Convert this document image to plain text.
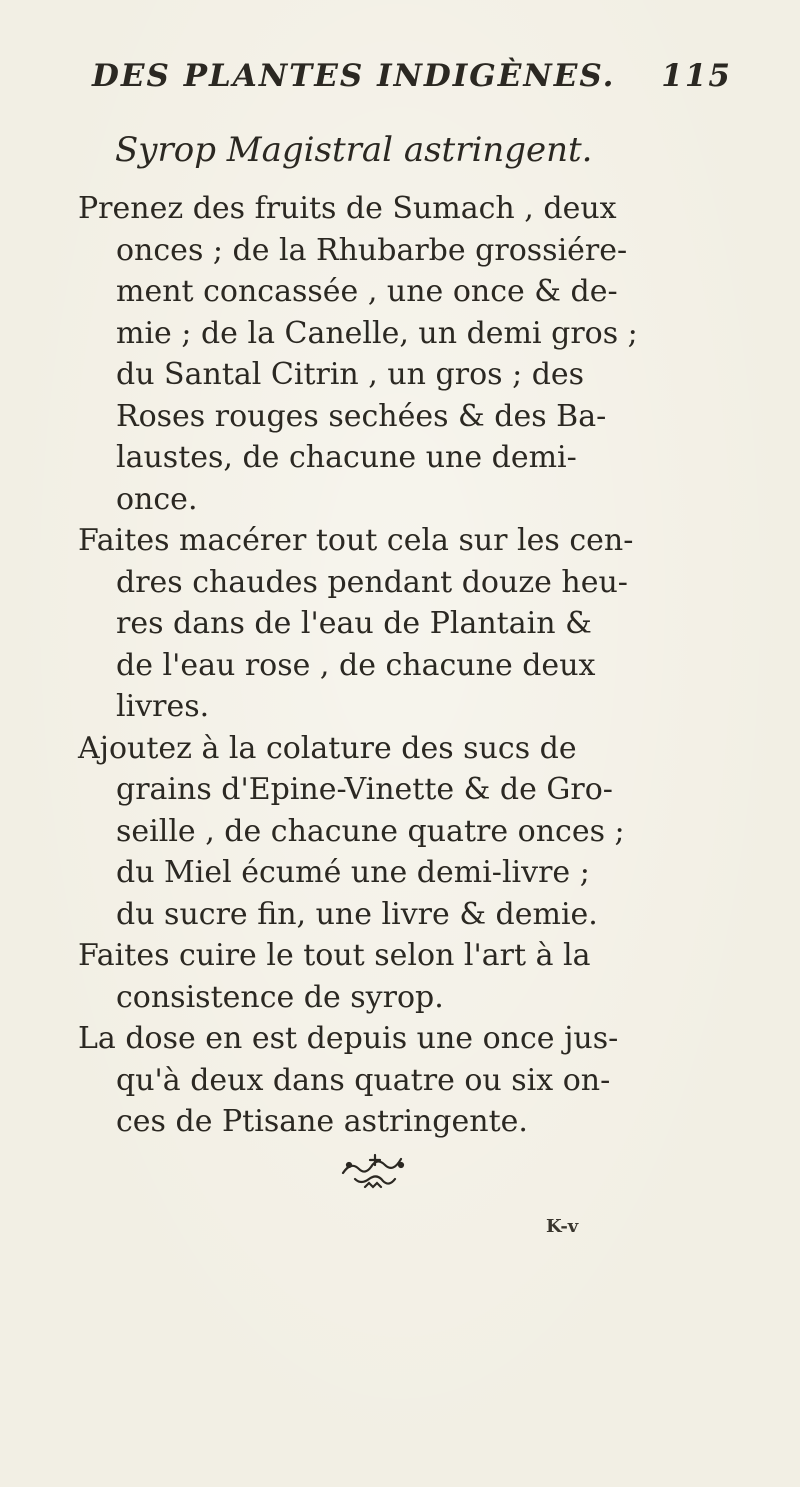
DES PLANTES INDIGÈNES. 115
Syrop Magistral astringent.
Prenez des fruits de Sumach , deux
onces ; de la Rhubarbe grossiére-
ment concassée , une once & de-
mie ; de la Canelle, un demi gros ;
du Santal Citrin , un gros ; des
Roses rouges sechées & des Ba-
laustes, de chacune une demi-
once.
Faites macérer tout cela sur les cen-
dres chaudes pendant douze heu-
res dans de l'eau de Plantain &
de l'eau rose , de chacune deux
livres.
Ajoutez à la colature des sucs de
grains d'Epine-Vinette & de Gro-
seille , de chacune quatre onces ;
du Miel écumé une demi-livre ;
du sucre fin, une livre & demie.
Faites cuire le tout selon l'art à la
consistence de syrop.
La dose en est depuis une once jus-
qu'à deux dans quatre ou six on-
ces de Ptisane astringente.
K-v
